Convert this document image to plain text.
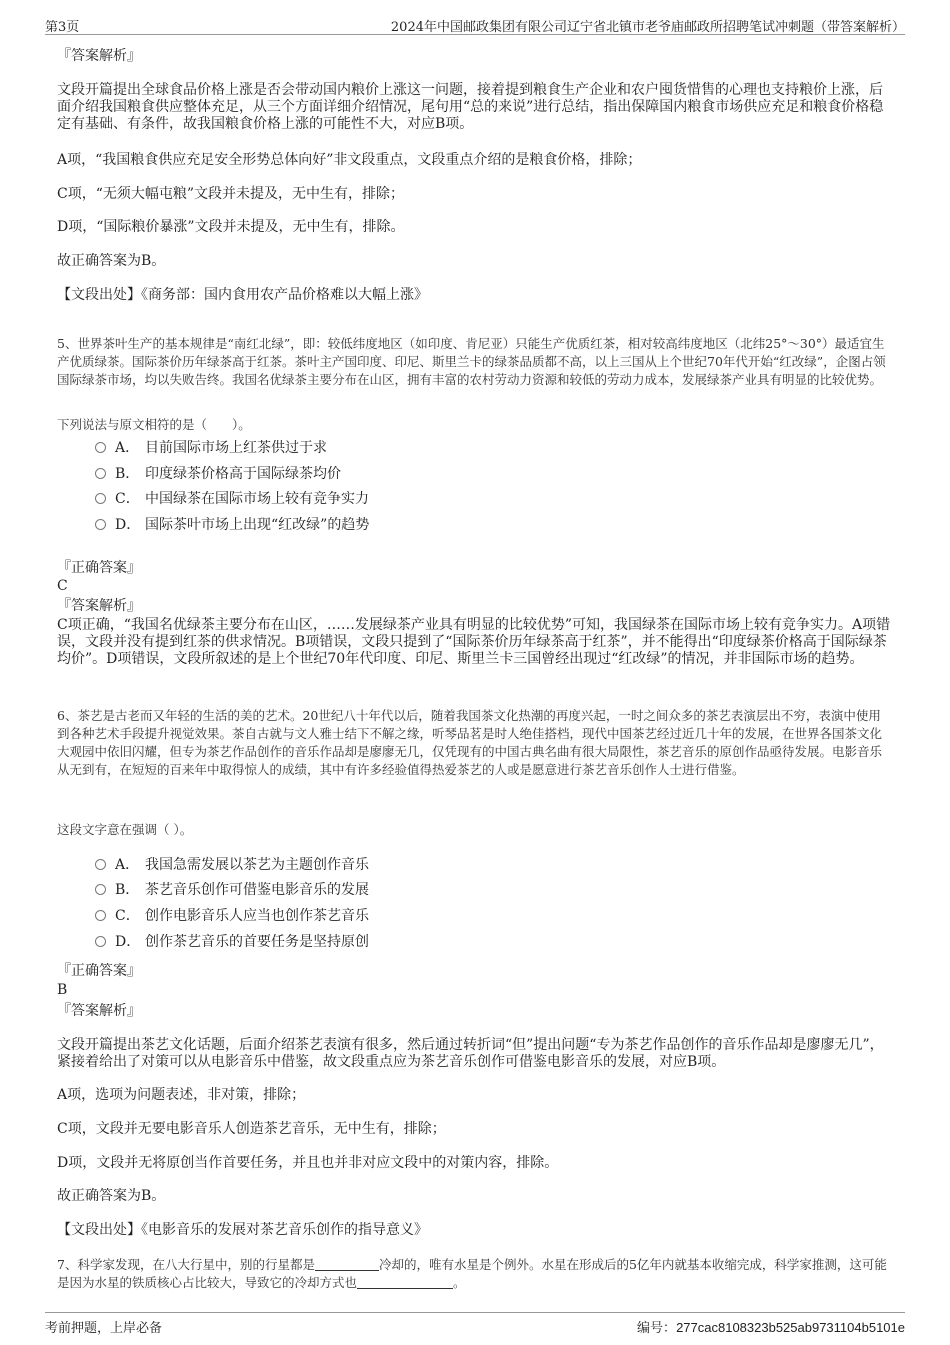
第3页	2024年中国邮政集团有限公司辽宁省北镇市老爷庙邮政所招聘笔试冲刺题（带答案解析）
『答案解析』
文段开篇提出全球食品价格上涨是否会带动国内粮价上涨这一问题，接着提到粮食生产企业和农户囤货惜售的心理也支持粮价上涨，后面介绍我国粮食供应整体充足，从三个方面详细介绍情况，尾句用“总的来说”进行总结，指出保障国内粮食市场供应充足和粮食价格稳定有基础、有条件，故我国粮食价格上涨的可能性不大，对应B项。
A项，“我国粮食供应充足安全形势总体向好”非文段重点，文段重点介绍的是粮食价格，排除；
C项，“无须大幅屯粮”文段并未提及，无中生有，排除；
D项，“国际粮价暴涨”文段并未提及，无中生有，排除。
故正确答案为B。
【文段出处】《商务部：国内食用农产品价格难以大幅上涨》
5、世界茶叶生产的基本规律是“南红北绿”，即：较低纬度地区（如印度、肯尼亚）只能生产优质红茶，相对较高纬度地区（北纬25°～30°）最适宜生产优质绿茶。国际茶价历年绿茶高于红茶。茶叶主产国印度、印尼、斯里兰卡的绿茶品质都不高，以上三国从上个世纪70年代开始“红改绿”，企图占领国际绿茶市场，均以失败告终。我国名优绿茶主要分布在山区，拥有丰富的农村劳动力资源和较低的劳动力成本，发展绿茶产业具有明显的比较优势。
下列说法与原文相符的是（　　）。
A． 目前国际市场上红茶供过于求
B． 印度绿茶价格高于国际绿茶均价
C． 中国绿茶在国际市场上较有竞争实力
D． 国际茶叶市场上出现“红改绿”的趋势
『正确答案』
C
『答案解析』
C项正确，“我国名优绿茶主要分布在山区，……发展绿茶产业具有明显的比较优势”可知，我国绿茶在国际市场上较有竞争实力。A项错误，文段并没有提到红茶的供求情况。B项错误，文段只提到了“国际茶价历年绿茶高于红茶”，并不能得出“印度绿茶价格高于国际绿茶均价”。D项错误，文段所叙述的是上个世纪70年代印度、印尼、斯里兰卡三国曾经出现过“红改绿”的情况，并非国际市场的趋势。
6、茶艺是古老而又年轻的生活的美的艺术。20世纪八十年代以后，随着我国茶文化热潮的再度兴起，一时之间众多的茶艺表演层出不穷，表演中使用到各种艺术手段提升视觉效果。茶自古就与文人雅士结下不解之缘，听琴品茗是时人绝佳搭档，现代中国茶艺经过近几十年的发展，在世界各国茶文化大观园中依旧闪耀，但专为茶艺作品创作的音乐作品却是廖廖无几，仅凭现有的中国古典名曲有很大局限性，茶艺音乐的原创作品亟待发展。电影音乐从无到有，在短短的百来年中取得惊人的成绩，其中有许多经验值得热爱茶艺的人或是愿意进行茶艺音乐创作人士进行借鉴。
这段文字意在强调（ ）。
A． 我国急需发展以茶艺为主题创作音乐
B． 茶艺音乐创作可借鉴电影音乐的发展
C． 创作电影音乐人应当也创作茶艺音乐
D． 创作茶艺音乐的首要任务是坚持原创
『正确答案』
B
『答案解析』
文段开篇提出茶艺文化话题，后面介绍茶艺表演有很多，然后通过转折词“但”提出问题“专为茶艺作品创作的音乐作品却是廖廖无几”，紧接着给出了对策可以从电影音乐中借鉴，故文段重点应为茶艺音乐创作可借鉴电影音乐的发展，对应B项。
A项，选项为问题表述，非对策，排除；
C项，文段并无要电影音乐人创造茶艺音乐，无中生有，排除；
D项，文段并无将原创当作首要任务，并且也并非对应文段中的对策内容，排除。
故正确答案为B。
【文段出处】《电影音乐的发展对茶艺音乐创作的指导意义》
7、科学家发现，在八大行星中，别的行星都是	冷却的，唯有水星是个例外。水星在形成后的5亿年内就基本收缩完成，科学家推测，这可能是因为水星的铁质核心占比较大，导致它的冷却方式也	。
考前押题，上岸必备	编号：277cac8108323b525ab9731104b5101e
